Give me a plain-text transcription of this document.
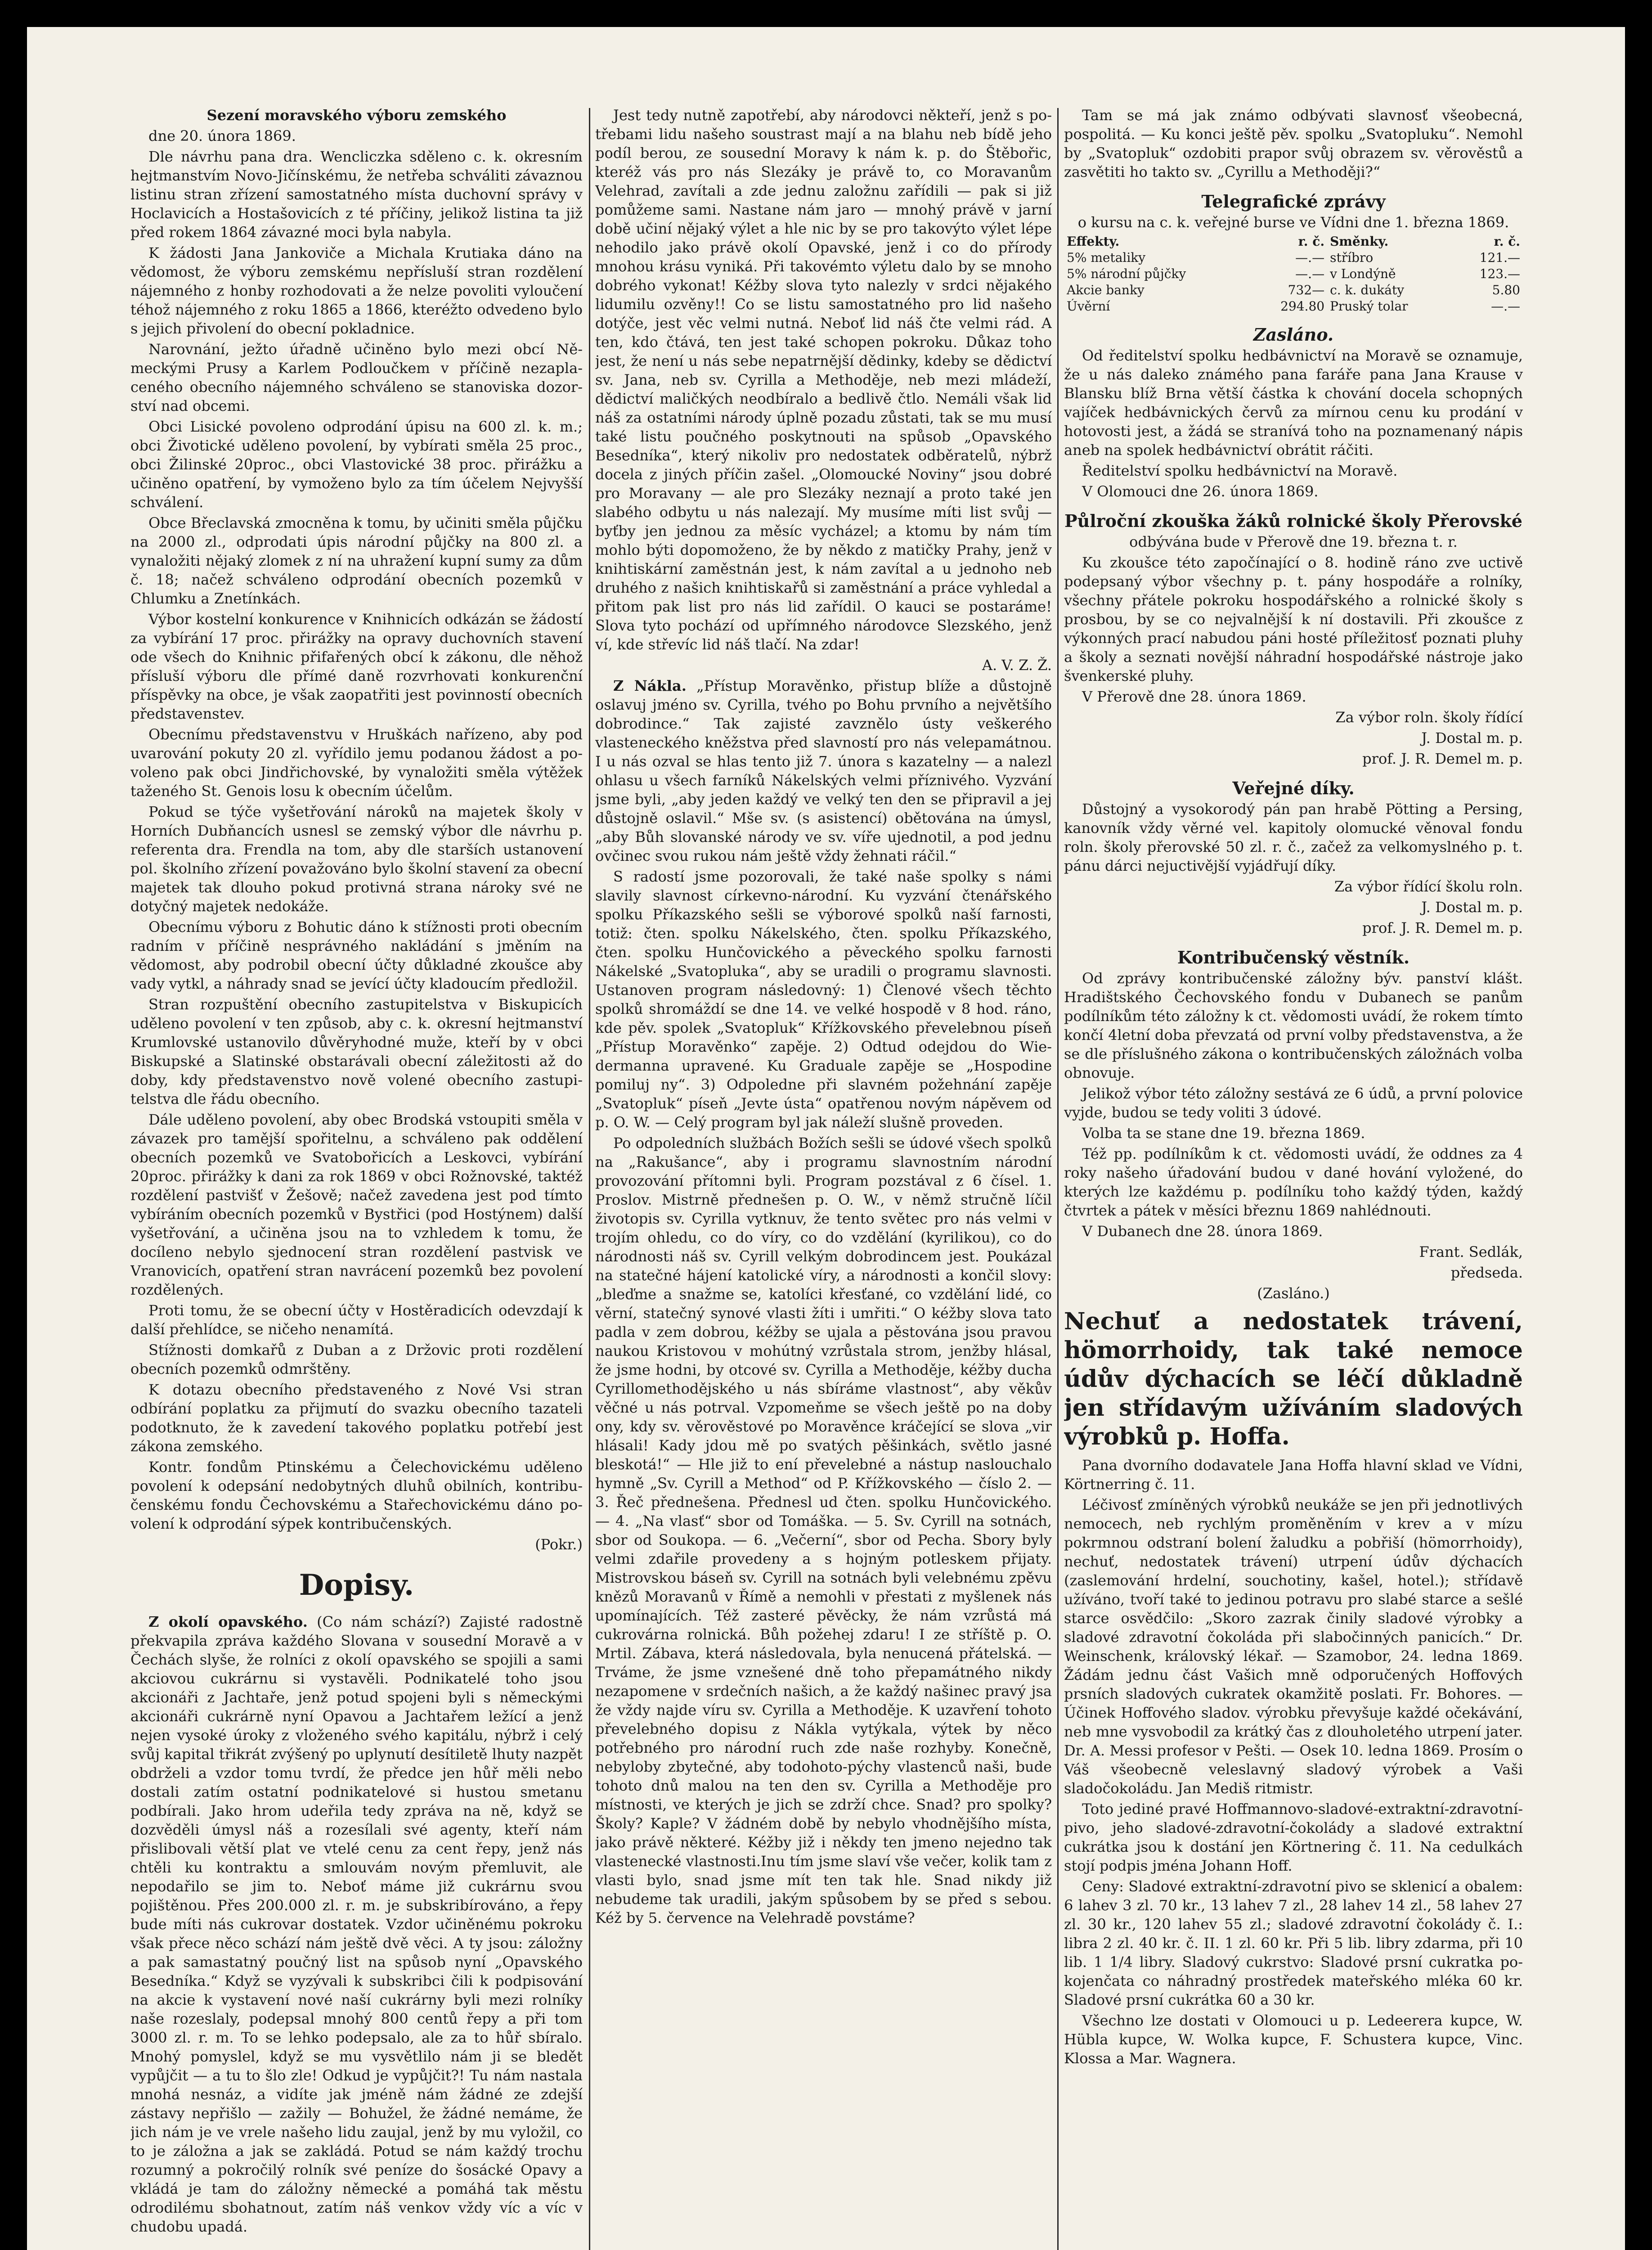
Sezení moravského výboru zemského

dne 20. února 1869.

Dle návrhu pana dra. Wencliczka sděleno c. k. okresním hejtmanstvím Novo-Jičínskému, že netřeba schváliti závaznou listinu stran zřízení samostatného místa duchovní správy v Hoclavicích a Hostašovicích z té příčiny, jelikož listina ta již před rokem 1864 závazné moci byla nabyla.

K žádosti Jana Jankoviče a Michala Krutiaka dáno na vědomost, že výboru zemskému nepřísluší stran rozdělení nájemného z honby rozhodovati a že nelze povoliti vyloučení téhož nájemného z roku 1865 a 1866, kteréžto odvedeno bylo s jejich přivolení do obecní pokladnice.

Narovnání, ježto úřadně učiněno bylo mezi obcí Německými Prusy a Karlem Podloučkem v příčině nezaplaceného obecního nájemného schváleno se stanoviska dozorství nad obcemi.

Obci Lisické povoleno odprodání úpisu na 600 zl. k. m.; obci Životické uděleno povolení, by vybírati směla 25 proc., obci Žilinské 20proc., obci Vlastovické 38 proc. přirážku a učiněno opatření, by vymoženo bylo za tím účelem Nejvyšší schválení.

Obce Břeclavská zmocněna k tomu, by učiniti směla půjčku na 2000 zl., odprodati úpis národní půjčky na 800 zl. a vynaložiti nějaký zlomek z ní na uhražení kupní sumy za dům č. 18; načež schváleno odprodání obecních pozemků v Chlumku a Znetínkách.

Výbor kostelní konkurence v Knihnicích odkázán se žádostí za vybírání 17 proc. přirážky na opravy duchovních stavení ode všech do Knihnic přifařených obcí k zákonu, dle něhož přísluší výboru dle přímé daně rozvrhovati konkurenční příspěvky na obce, je však zaopatřiti jest povinností obecních představenstev.

Obecnímu představenstvu v Hruškách nařízeno, aby pod uvarování pokuty 20 zl. vyřídilo jemu podanou žádost a povoleno pak obci Jindřichovské, by vynaložiti směla výtěžek taženého St. Genois losu k obecním účelům.

Pokud se týče vyšetřování nároků na majetek školy v Horních Dubňancích usnesl se zemský výbor dle návrhu p. referenta dra. Frendla na tom, aby dle starších ustanovení pol. školního zřízení považováno bylo školní stavení za obecní majetek tak dlouho pokud protivná strana nároky své ne dotyčný majetek nedokáže.

Obecnímu výboru z Bohutic dáno k stížnosti proti obecním radním v příčině nesprávného nakládání s jměním na vědomost, aby podrobil obecní účty důkladné zkoušce aby vady vytkl, a náhrady snad se jevící účty kladoucím předložil.

Stran rozpuštění obecního zastupitelstva v Biskupicích uděleno povolení v ten způsob, aby c. k. okresní hejtmanství Krumlovské ustanovilo důvěryhodné muže, kteří by v obci Biskupské a Slatinské obstarávali obecní záležitosti až do doby, kdy představenstvo nově volené obecního zastupitelstva dle řádu obecního.

Dále uděleno povolení, aby obec Brodská vstoupiti směla v závazek pro tamější spořitelnu, a schváleno pak oddělení obecních pozemků ve Svatobořicích a Leskovci, vybírání 20proc. přirážky k dani za rok 1869 v obci Rožnovské, taktéž rozdělení pastvišť v Žešově; načež zavedena jest pod tímto vybíráním obecních pozemků v Bystřici (pod Hostýnem) další vyšetřování, a učiněna jsou na to vzhledem k tomu, že docíleno nebylo sjednocení stran rozdělení pastvisk ve Vranovicích, opatření stran navrácení pozemků bez povolení rozdělených.

Proti tomu, že se obecní účty v Hostěradicích odevzdají k další přehlídce, se ničeho nenamítá.

Stížnosti domkařů z Duban a z Držovic proti rozdělení obecních pozemků odmrštěny.

K dotazu obecního představeného z Nové Vsi stran odbírání poplatku za přijmutí do svazku obecního tazateli podotknuto, že k zavedení takového poplatku potřebí jest zákona zemského.

Kontr. fondům Ptinskému a Čelechovickému uděleno povolení k odepsání nedobytných dluhů obilních, kontribučenskému fondu Čechovskému a Stařechovickému dáno povolení k odprodání sýpek kontribučenských.

(Pokr.)

Dopisy.

Z okolí opavského. (Co nám schází?) Zajisté radostně překvapila zpráva každého Slovana v sousední Moravě a v Čechách slyše, že rolníci z okolí opavského se spojili a sami akciovou cukrárnu si vystavěli. Podnikatelé toho jsou akcionáři z Jachtaře, jenž potud spojeni byli s německými akcionáři cukrárně nyní Opavou a Jachtařem ležící a jenž nejen vysoké úroky z vloženého svého kapitálu, nýbrž i celý svůj kapital třikrát zvýšený po uplynutí desítiletě lhuty nazpět obdrželi a vzdor tomu tvrdí, že předce jen hůř měli nebo dostali zatím ostatní podnikatelové si hustou smetanu podbírali. Jako hrom udeřila tedy zpráva na ně, když se dozvěděli úmysl náš a rozesílali své agenty, kteří nám přislibovali větší plat ve vtelé cenu za cent řepy, jenž nás chtěli ku kontraktu a smlouvám novým přemluvit, ale nepodařilo se jim to. Neboť máme již cukrárnu svou pojištěnou. Přes 200.000 zl. r. m. je subskribírováno, a řepy bude míti nás cukrovar dostatek. Vzdor učiněnému pokroku však přece něco schází nám ještě dvě věci. A ty jsou: záložny a pak samastatný poučný list na spůsob nyní „Opavského Besedníka.“ Když se vyzývali k subskribci čili k podpisování na akcie k vystavení nové naší cukrárny byli mezi rolníky naše rozeslaly, podepsal mnohý 800 centů řepy a při tom 3000 zl. r. m. To se lehko podepsalo, ale za to hůř sbíralo. Mnohý pomyslel, když se mu vysvětlilo nám ji se bledět vypůjčit — a tu to šlo zle! Odkud je vypůjčit?! Tu nám nastala mnohá nesnáz, a vidíte jak jméně nám žádné ze zdejší zástavy nepřišlo — zažily — Bohužel, že žádné nemáme, že jich nám je ve vrele našeho lidu zaujal, jenž by mu vyložil, co to je záložna a jak se zakládá. Potud se nám každý trochu rozumný a pokročilý rolník své peníze do šosácké Opavy a vkládá je tam do záložny německé a pomáhá tak městu odrodilému sbohatnout, zatím náš venkov vždy víc a víc v chudobu upadá.

Jest tedy nutně zapotřebí, aby národovci někteří, jenž s potřebami lidu našeho soustrast mají a na blahu neb bídě jeho podíl berou, ze sousední Moravy k nám k. p. do Štěbořic, kteréž vás pro nás Slezáky je právě to, co Moravanům Velehrad, zavítali a zde jednu založnu zařídili — pak si již pomůžeme sami. Nastane nám jaro — mnohý právě v jarní době učiní nějaký výlet a hle nic by se pro takovýto výlet lépe nehodilo jako právě okolí Opavské, jenž i co do přírody mnohou krásu vyniká. Při takovémto výletu dalo by se mnoho dobrého vykonat! Kéžby slova tyto nalezly v srdci nějakého lidumilu ozvěny!! Co se listu samostatného pro lid našeho dotýče, jest věc velmi nutná. Neboť lid náš čte velmi rád. A ten, kdo čtává, ten jest také schopen pokroku. Důkaz toho jest, že není u nás sebe nepatrnější dědinky, kdeby se dědictví sv. Jana, neb sv. Cyrilla a Methoděje, neb mezi mládeží, dědictví maličkých neodbíralo a bedlivě čtlo. Nemáli však lid náš za ostatními národy úplně pozadu zůstati, tak se mu musí také listu poučného poskytnouti na spůsob „Opavského Besedníka“, který nikoliv pro nedostatek odběratelů, nýbrž docela z jiných příčin zašel. „Olomoucké Noviny“ jsou dobré pro Moravany — ale pro Slezáky neznají a proto také jen slabého odbytu u nás nalezají. My musíme míti list svůj — byťby jen jednou za měsíc vycházel; a ktomu by nám tím mohlo býti dopomoženo, že by někdo z matičky Prahy, jenž v knihtiskární zaměstnán jest, k nám zavítal a u jednoho neb druhého z našich knihtiskařů si zaměstnání a práce vyhledal a přitom pak list pro nás lid zařídil. O kauci se postaráme! Slova tyto pochází od upřímného národovce Slezského, jenž ví, kde střevíc lid náš tlačí. Na zdar!

A. V. Z. Ž.

Z Nákla. „Přístup Moravěnko, přistup blíže a důstojně oslavuj jméno sv. Cyrilla, tvého po Bohu prvního a největšího dobrodince.“ Tak zajisté zavznělo ústy veškerého vlasteneckého kněžstva před slavností pro nás velepamátnou. I u nás ozval se hlas tento již 7. února s kazatelny — a nalezl ohlasu u všech farníků Nákelských velmi příznivého. Vyzvání jsme byli, „aby jeden každý ve velký ten den se připravil a jej důstojně oslavil.“ Mše sv. (s asistencí) obětována na úmysl, „aby Bůh slovanské národy ve sv. víře ujednotil, a pod jednu ovčinec svou rukou nám ještě vždy žehnati ráčil.“

S radostí jsme pozorovali, že také naše spolky s námi slavily slavnost církevno-národní. Ku vyzvání čtenářského spolku Příkazského sešli se výborové spolků naší farnosti, totiž: čten. spolku Nákelského, čten. spolku Příkazského, čten. spolku Hunčovického a pěveckého spolku farnosti Nákelské „Svatopluka“, aby se uradili o programu slavnosti. Ustanoven program následovný: 1) Členové všech těchto spolků shromáždí se dne 14. ve velké hospodě v 8 hod. ráno, kde pěv. spolek „Svatopluk“ Křížkovského převelebnou píseň „Přístup Moravěnko“ zapěje. 2) Odtud odejdou do Wiedermanna upravené. Ku Graduale zapěje se „Hospodine pomiluj ny“. 3) Odpoledne při slavném požehnání zapěje „Svatopluk“ píseň „Jevte ústa“ opatřenou novým nápěvem od p. O. W. — Celý program byl jak náleží slušně proveden.

Po odpoledních službách Božích sešli se údové všech spolků na „Rakušance“, aby i programu slavnostním národní provozování přítomni byli. Program pozstával z 6 čísel. 1. Proslov. Mistrně přednešen p. O. W., v němž stručně líčil životopis sv. Cyrilla vytknuv, že tento světec pro nás velmi v trojím ohledu, co do víry, co do vzdělání (kyrilikou), co do národnosti náš sv. Cyrill velkým dobrodincem jest. Poukázal na statečné hájení katolické víry, a národnosti a končil slovy: „bleďme a snažme se, katolíci křesťané, co vzdělání lidé, co věrní, statečný synové vlasti žíti i umřiti.“ O kéžby slova tato padla v zem dobrou, kéžby se ujala a pěstována jsou pravou naukou Kristovou v mohútný vzrůstala strom, jenžby hlásal, že jsme hodni, by otcové sv. Cyrilla a Methoděje, kéžby ducha Cyrillomethodějského u nás sbíráme vlastnost“, aby věkův věčné u nás potrval. Vzpomeňme se všech ještě po na doby ony, kdy sv. věrověstové po Moravěnce kráčející se slova „vir hlásali! Kady jdou mě po svatých pěšinkách, světlo jasné bleskotá!“ — Hle již to ení převelebné a nástup naslouchalo hymně „Sv. Cyrill a Method“ od P. Křížkovského — číslo 2. — 3. Řeč přednešena. Přednesl ud čten. spolku Hunčovického. — 4. „Na vlasť“ sbor od Tomáška. — 5. Sv. Cyrill na sotnách, sbor od Soukopa. — 6. „Večerní“, sbor od Pecha. Sbory byly velmi zdařile provedeny a s hojným potleskem přijaty. Mistrovskou báseň sv. Cyrill na sotnách byli velebnému zpěvu knězů Moravanů v Římě a nemohli v přestati z myšlenek nás upomínajících. Též zasteré pěvěcky, že nám vzrůstá má cukrovárna rolnická. Bůh požehej zdaru! I ze stříště p. O. Mrtil. Zábava, která následovala, byla nenucená přátelská. — Trváme, že jsme vznešené dně toho přepamátného nikdy nezapomene v srdečních našich, a že každý našinec pravý jsa že vždy najde víru sv. Cyrilla a Methoděje. K uzavření tohoto převelebného dopisu z Nákla vytýkala, výtek by něco potřebného pro národní ruch zde naše rozhyby. Konečně, nebyloby zbytečné, aby todohoto-pýchy vlastenců naši, bude tohoto dnů malou na ten den sv. Cyrilla a Methoděje pro místnosti, ve kterých je jich se zdrží chce. Snad? pro spolky? Školy? Kaple? V žádném době by nebylo vhodnějšího místa, jako právě některé. Kéžby již i někdy ten jmeno nejedno tak vlastenecké vlastnosti.Inu tím jsme slaví vše večer, kolik tam z vlasti bylo, snad jsme mít ten tak hle. Snad nikdy již nebudeme tak uradili, jakým spůsobem by se před s sebou. Kéž by 5. července na Velehradě povstáme?

Tam se má jak známo odbývati slavnosť všeobecná, pospolitá. — Ku konci ještě pěv. spolku „Svatopluku“. Nemohl by „Svatopluk“ ozdobiti prapor svůj obrazem sv. věrověstů a zasvětiti ho takto sv. „Cyrillu a Methoději?“

Telegrafické zprávy

o kursu na c. k. veřejné burse ve Vídni dne 1. března 1869.

Effekty.	r. č.	Směnky.	r. č.
5% metaliky	—.—	stříbro	121.—
5% národní půjčky	—.—	v Londýně	123.—
Akcie banky	732—	c. k. dukáty	5.80
Úvěrní	294.80	Pruský tolar	—.—

Zasláno.

Od ředitelství spolku hedbávnictví na Moravě se oznamuje, že u nás daleko známého pana faráře pana Jana Krause v Blansku blíž Brna větší částka k chování docela schopných vajíček hedbávnických červů za mírnou cenu ku prodání v hotovosti jest, a žádá se stranívá toho na poznamenaný nápis aneb na spolek hedbávnictví obrátit ráčiti.

Ředitelství spolku hedbávnictví na Moravě.

V Olomouci dne 26. února 1869.

Půlroční zkouška žáků rolnické školy Přerovské

odbývána bude v Přerově dne 19. března t. r.

Ku zkoušce této započínající o 8. hodině ráno zve uctivě podepsaný výbor všechny p. t. pány hospodáře a rolníky, všechny přátele pokroku hospodářského a rolnické školy s prosbou, by se co nejvalnější k ní dostavili. Při zkoušce z výkonných prací nabudou páni hosté příležitosť poznati pluhy a školy a seznati novější náhradní hospodářské nástroje jako švenkerské pluhy.

V Přerově dne 28. února 1869.

Za výbor roln. školy řídící

J. Dostal m. p.

prof. J. R. Demel m. p.

Veřejné díky.

Důstojný a vysokorodý pán pan hrabě Pötting a Persing, kanovník vždy věrné vel. kapitoly olomucké věnoval fondu roln. školy přerovské 50 zl. r. č., začež za velkomyslného p. t. pánu dárci nejuctivější vyjádřují díky.

Za výbor řídící školu roln.

J. Dostal m. p.

prof. J. R. Demel m. p.

Kontribučenský věstník.

Od zprávy kontribučenské záložny býv. panství klášt. Hradištského Čechovského fondu v Dubanech se panům podílníkům této záložny k ct. vědomosti uvádí, že rokem tímto končí 4letní doba převzatá od první volby představenstva, a že se dle příslušného zákona o kontribučenských záložnách volba obnovuje.

Jelikož výbor této záložny sestává ze 6 údů, a první polovice vyjde, budou se tedy voliti 3 údové.

Volba ta se stane dne 19. března 1869.

Též pp. podílníkům k ct. vědomosti uvádí, že oddnes za 4 roky našeho úřadování budou v dané hování vyložené, do kterých lze každému p. podílníku toho každý týden, každý čtvrtek a pátek v měsíci březnu 1869 nahlédnouti.

V Dubanech dne 28. února 1869.

Frant. Sedlák,

předseda.

(Zasláno.)

Nechuť a nedostatek trávení, hömorrhoidy, tak také nemoce údův dýchacích se léčí důkladně jen střídavým užíváním sladových výrobků p. Hoffa.

Pana dvorního dodavatele Jana Hoffa hlavní sklad ve Vídni, Körtnerring č. 11.

Léčivosť zmíněných výrobků neukáže se jen při jednotlivých nemocech, neb rychlým proměněním v krev a v mízu pokrmnou odstraní bolení žaludku a pobřiší (hömorrhoidy), nechuť, nedostatek trávení) utrpení údův dýchacích (zaslemování hrdelní, souchotiny, kašel, hotel.); střídavě užíváno, tvoří také to jedinou potravu pro slabé starce a sešlé starce osvědčilo: „Skoro zazrak činily sladové výrobky a sladové zdravotní čokoláda při slabočinných panicích.“ Dr. Weinschenk, královský lékař. — Szamobor, 24. ledna 1869. Žádám jednu část Vašich mně odporučených Hoffových prsních sladových cukratek okamžitě poslati. Fr. Bohores. — Účinek Hoffového sladov. výrobku převyšuje každé očekávání, neb mne vysvobodil za krátký čas z dlouholetého utrpení jater. Dr. A. Messi profesor v Pešti. — Osek 10. ledna 1869. Prosím o Váš všeobecně veleslavný sladový výrobek a Vaši sladočokoládu. Jan Mediš ritmistr.

Toto jediné pravé Hoffmannovo-sladové-extraktní-zdravotní-pivo, jeho sladové-zdravotní-čokolády a sladové extraktní cukrátka jsou k dostání jen Körtnering č. 11. Na cedulkách stojí podpis jména Johann Hoff.

Ceny: Sladové extraktní-zdravotní pivo se sklenicí a obalem: 6 lahev 3 zl. 70 kr., 13 lahev 7 zl., 28 lahev 14 zl., 58 lahev 27 zl. 30 kr., 120 lahev 55 zl.; sladové zdravotní čokolády č. I.: libra 2 zl. 40 kr. č. II. 1 zl. 60 kr. Při 5 lib. libry zdarma, při 10 lib. 1 1/4 libry. Sladový cukrstvo: Sladové prsní cukratka pokojenčata co náhradný prostředek mateřského mléka 60 kr. Sladové prsní cukrátka 60 a 30 kr.

Všechno lze dostati v Olomouci u p. Ledeerera kupce, W. Hübla kupce, W. Wolka kupce, F. Schustera kupce, Vinc. Klossa a Mar. Wagnera.
